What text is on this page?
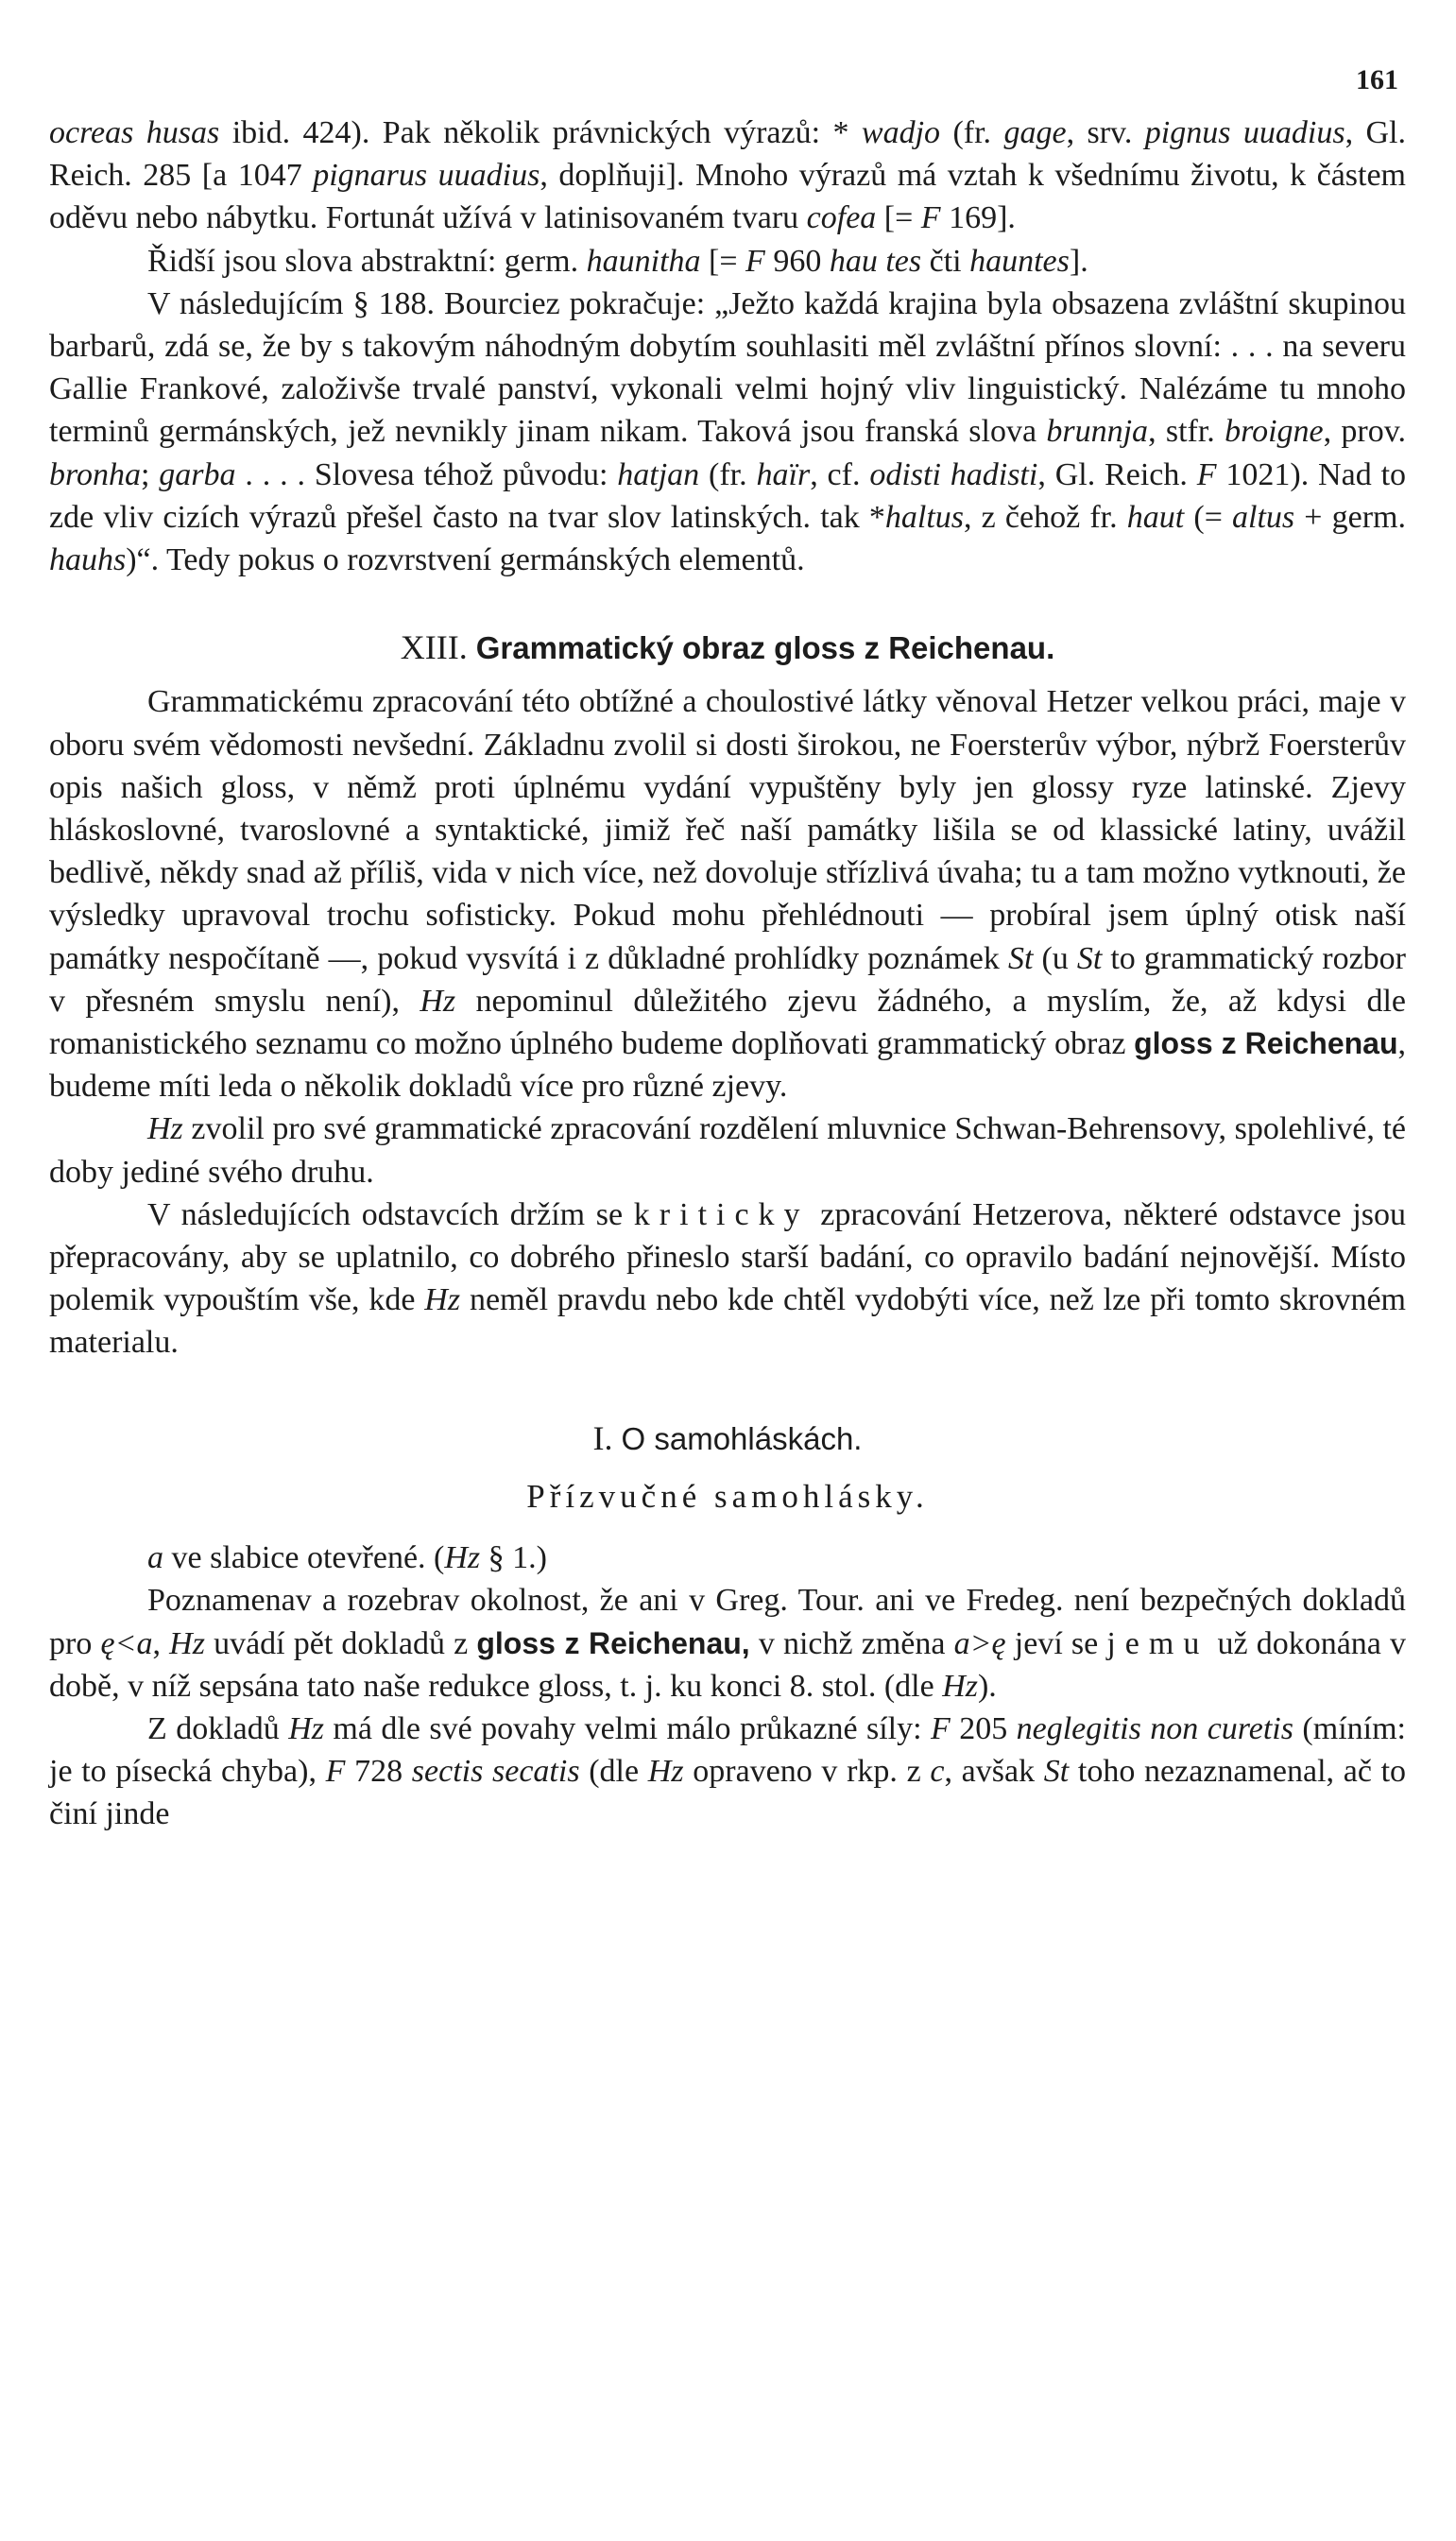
161

ocreas husas ibid. 424). Pak několik právnických výrazů: * wadjo (fr. gage, srv. pignus uuadius, Gl. Reich. 285 [a 1047 pignarus uuadius, doplňuji]. Mnoho výrazů má vztah k všednímu životu, k částem oděvu nebo nábytku. Fortunát užívá v latinisovaném tvaru cofea [= F 169].

Řidší jsou slova abstraktní: germ. haunitha [= F 960 hau tes čti hauntes].

V následujícím § 188. Bourciez pokračuje: „Ježto každá krajina byla obsazena zvláštní skupinou barbarů, zdá se, že by s takovým náhodným dobytím souhlasiti měl zvláštní přínos slovní: . . . na severu Gallie Frankové, založivše trvalé panství, vykonali velmi hojný vliv linguistický. Nalézáme tu mnoho terminů germánských, jež nevnikly jinam nikam. Taková jsou franská slova brunnja, stfr. broigne, prov. bronha; garba . . . . Slovesa téhož původu: hatjan (fr. haïr, cf. odisti hadisti, Gl. Reich. F 1021). Nad to zde vliv cizích výrazů přešel často na tvar slov latinských. tak *haltus, z čehož fr. haut (= altus + germ. hauhs)“. Tedy pokus o rozvrstvení germánských elementů.

XIII. Grammatický obraz gloss z Reichenau.

Grammatickému zpracování této obtížné a choulostivé látky věnoval Hetzer velkou práci, maje v oboru svém vědomosti nevšední. Základnu zvolil si dosti širokou, ne Foersterův výbor, nýbrž Foersterův opis našich gloss, v němž proti úplnému vydání vypuštěny byly jen glossy ryze latinské. Zjevy hláskoslovné, tvaroslovné a syntaktické, jimiž řeč naší památky lišila se od klassické latiny, uvážil bedlivě, někdy snad až příliš, vida v nich více, než dovoluje střízlivá úvaha; tu a tam možno vytknouti, že výsledky upravoval trochu sofisticky. Pokud mohu přehlédnouti — probíral jsem úplný otisk naší památky nespočítaně —, pokud vysvítá i z důkladné prohlídky poznámek St (u St to grammatický rozbor v přesném smyslu není), Hz nepominul důležitého zjevu žádného, a myslím, že, až kdysi dle romanistického seznamu co možno úplného budeme doplňovati grammatický obraz gloss z Reichenau, budeme míti leda o několik dokladů více pro různé zjevy.

Hz zvolil pro své grammatické zpracování rozdělení mluvnice Schwan-Behrensovy, spolehlivé, té doby jediné svého druhu.

V následujících odstavcích držím se kriticky zpracování Hetzerova, některé odstavce jsou přepracovány, aby se uplatnilo, co dobrého přineslo starší badání, co opravilo badání nejnovější. Místo polemik vypouštím vše, kde Hz neměl pravdu nebo kde chtěl vydobýti více, než lze při tomto skrovném materialu.

I. O samohláskách.
Přízvučné samohlásky.

a ve slabice otevřené. (Hz § 1.)

Poznamenav a rozebrav okolnost, že ani v Greg. Tour. ani ve Fredeg. není bezpečných dokladů pro ę<a, Hz uvádí pět dokladů z gloss z Reichenau, v nichž změna a>ę jeví se jemu už dokonána v době, v níž sepsána tato naše redukce gloss, t. j. ku konci 8. stol. (dle Hz).

Z dokladů Hz má dle své povahy velmi málo průkazné síly: F 205 neglegitis non curetis (míním: je to písecká chyba), F 728 sectis secatis (dle Hz opraveno v rkp. z c, avšak St toho nezaznamenal, ač to činí jinde
